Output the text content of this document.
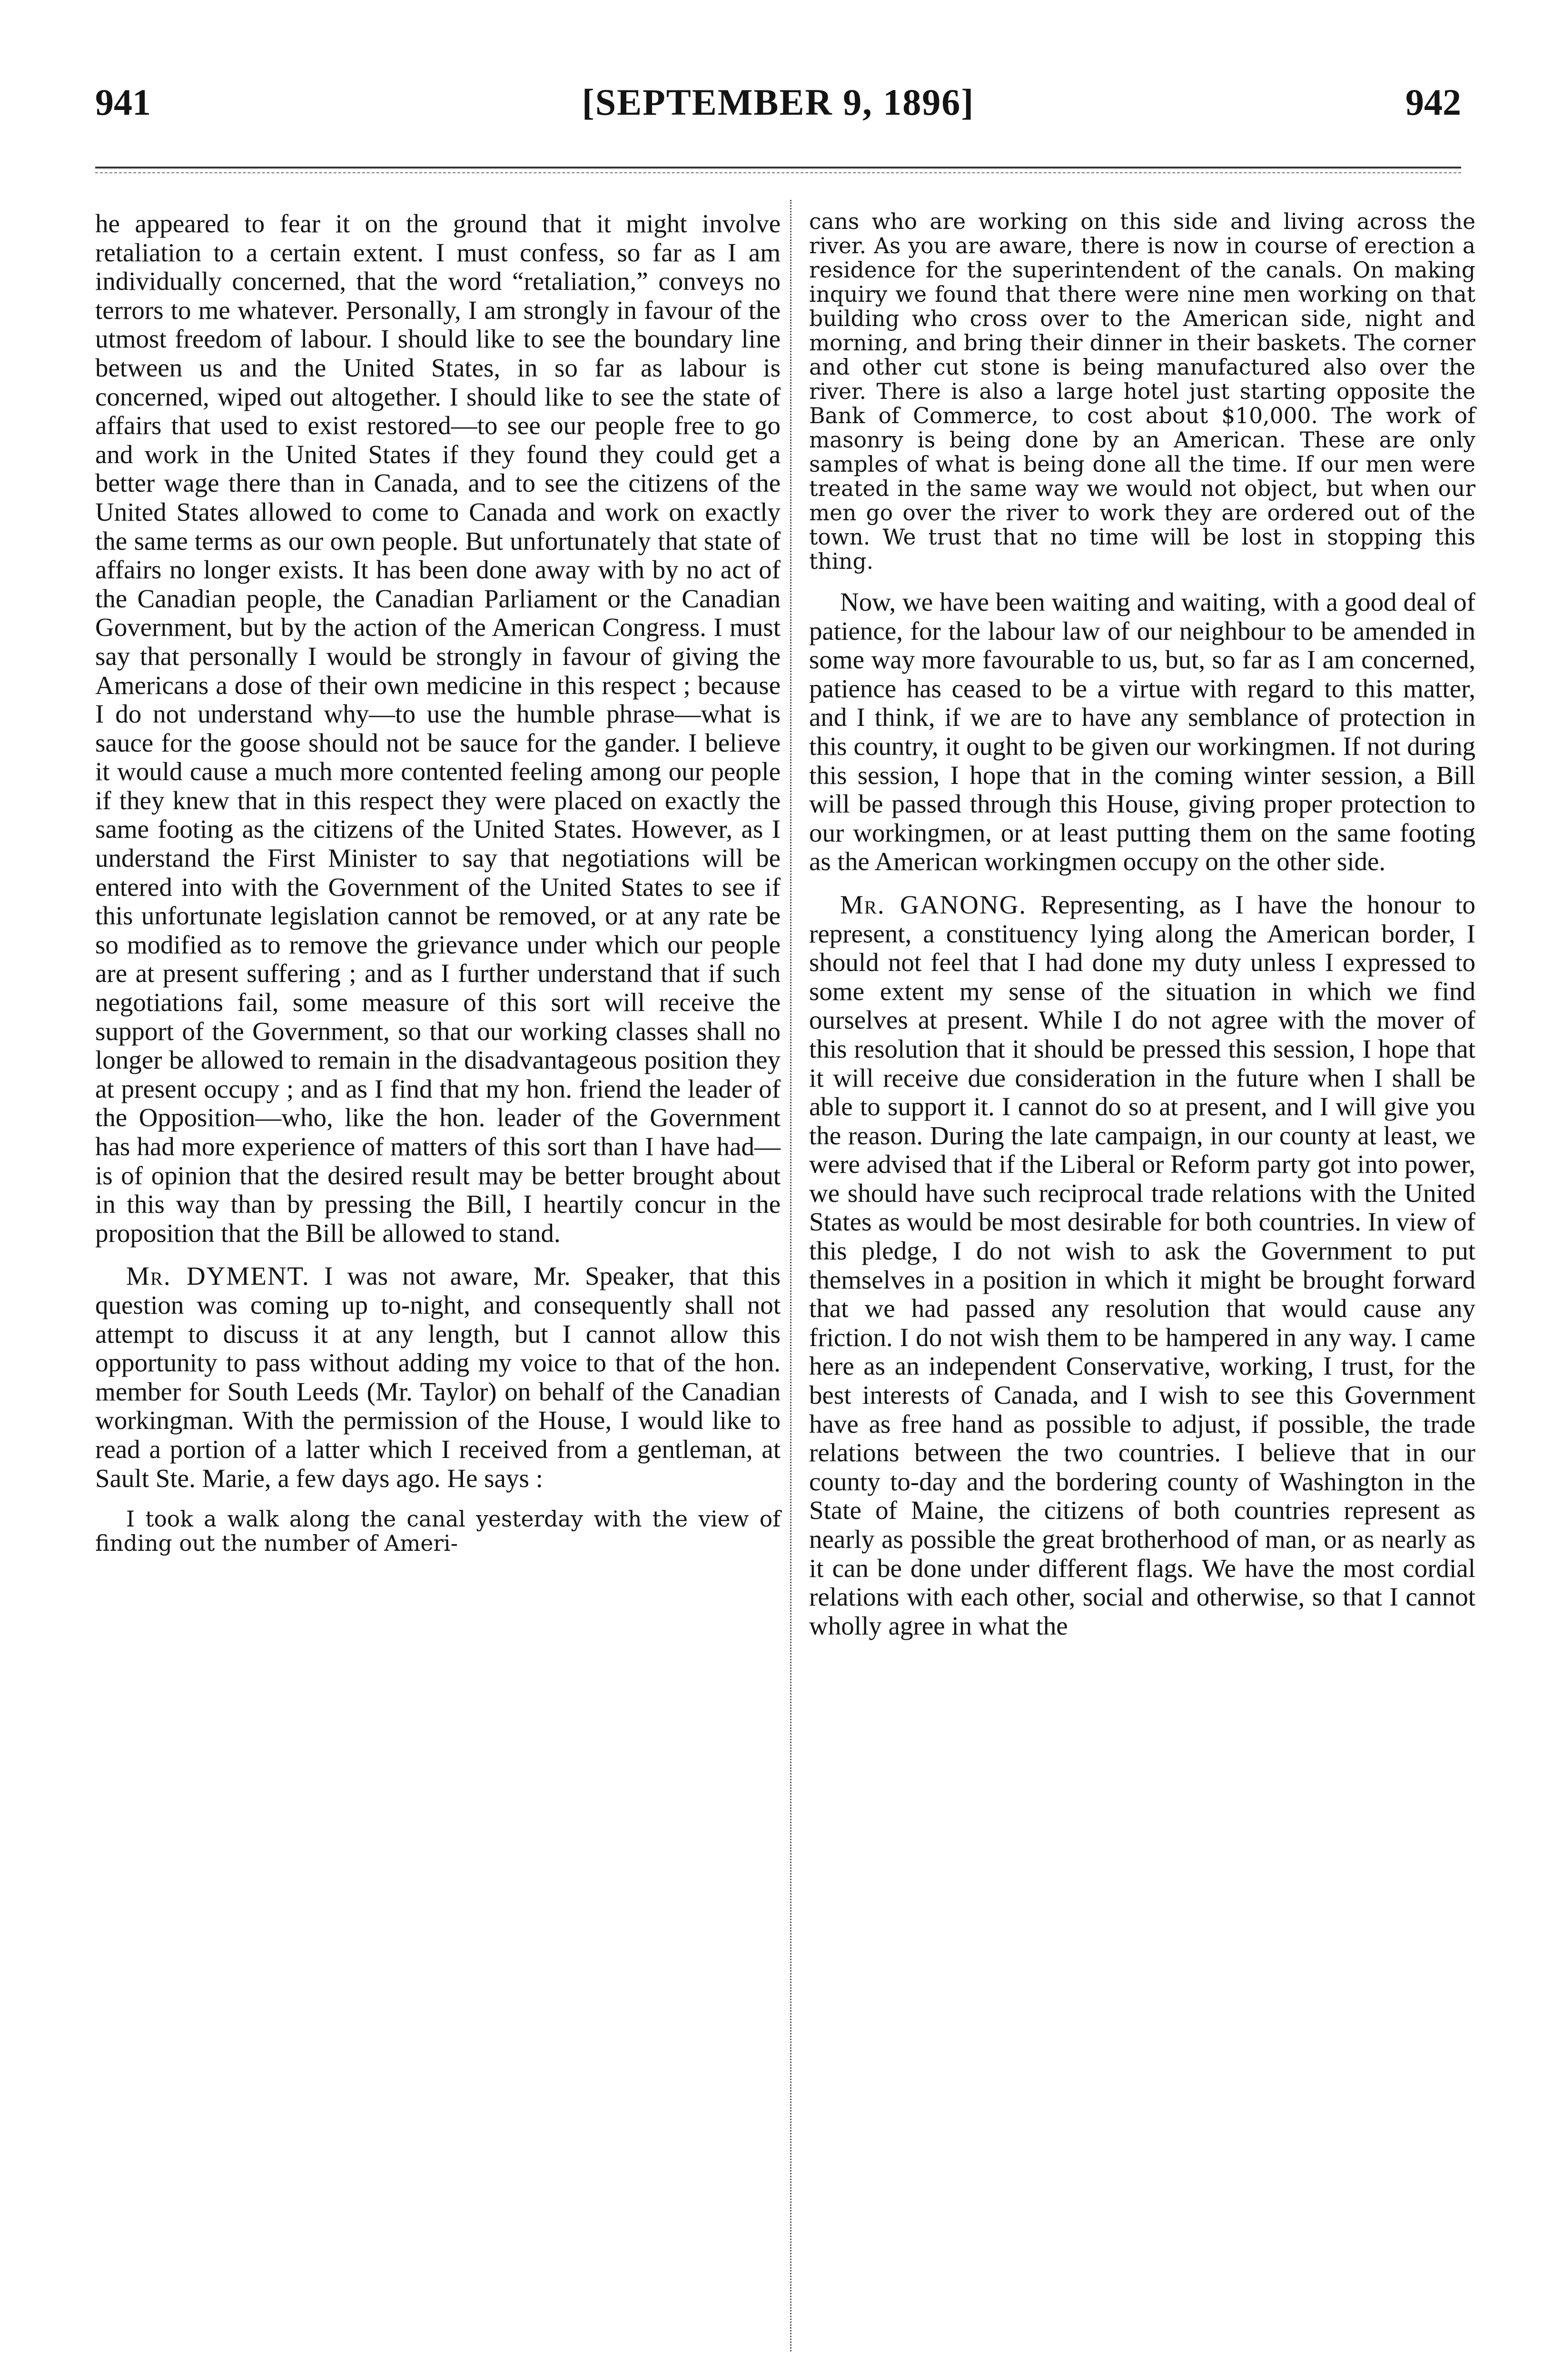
941	[SEPTEMBER 9, 1896]	942

he appeared to fear it on the ground that it might involve retaliation to a certain extent. I must confess, so far as I am individually concerned, that the word “retaliation,” conveys no terrors to me whatever. Personally, I am strongly in favour of the utmost freedom of labour. I should like to see the boundary line between us and the United States, in so far as labour is concerned, wiped out altogether. I should like to see the state of affairs that used to exist restored—to see our people free to go and work in the United States if they found they could get a better wage there than in Canada, and to see the citizens of the United States allowed to come to Canada and work on exactly the same terms as our own people. But unfortunately that state of affairs no longer exists. It has been done away with by no act of the Canadian people, the Canadian Parliament or the Canadian Government, but by the action of the American Congress. I must say that personally I would be strongly in favour of giving the Americans a dose of their own medicine in this respect ; because I do not understand why—to use the humble phrase—what is sauce for the goose should not be sauce for the gander. I believe it would cause a much more contented feeling among our people if they knew that in this respect they were placed on exactly the same footing as the citizens of the United States. However, as I understand the First Minister to say that negotiations will be entered into with the Government of the United States to see if this unfortunate legislation cannot be removed, or at any rate be so modified as to remove the grievance under which our people are at present suffering ; and as I further understand that if such negotiations fail, some measure of this sort will receive the support of the Government, so that our working classes shall no longer be allowed to remain in the disadvantageous position they at present occupy ; and as I find that my hon. friend the leader of the Opposition—who, like the hon. leader of the Government has had more experience of matters of this sort than I have had—is of opinion that the desired result may be better brought about in this way than by pressing the Bill, I heartily concur in the proposition that the Bill be allowed to stand.

Mr. DYMENT. I was not aware, Mr. Speaker, that this question was coming up to-night, and consequently shall not attempt to discuss it at any length, but I cannot allow this opportunity to pass without adding my voice to that of the hon. member for South Leeds (Mr. Taylor) on behalf of the Canadian workingman. With the permission of the House, I would like to read a portion of a latter which I received from a gentleman, at Sault Ste. Marie, a few days ago. He says :

I took a walk along the canal yesterday with the view of finding out the number of Ameri-

cans who are working on this side and living across the river. As you are aware, there is now in course of erection a residence for the superintendent of the canals. On making inquiry we found that there were nine men working on that building who cross over to the American side, night and morning, and bring their dinner in their baskets. The corner and other cut stone is being manufactured also over the river. There is also a large hotel just starting opposite the Bank of Commerce, to cost about $10,000. The work of masonry is being done by an American. These are only samples of what is being done all the time. If our men were treated in the same way we would not object, but when our men go over the river to work they are ordered out of the town. We trust that no time will be lost in stopping this thing.

Now, we have been waiting and waiting, with a good deal of patience, for the labour law of our neighbour to be amended in some way more favourable to us, but, so far as I am concerned, patience has ceased to be a virtue with regard to this matter, and I think, if we are to have any semblance of protection in this country, it ought to be given our workingmen. If not during this session, I hope that in the coming winter session, a Bill will be passed through this House, giving proper protection to our workingmen, or at least putting them on the same footing as the American workingmen occupy on the other side.

Mr. GANONG. Representing, as I have the honour to represent, a constituency lying along the American border, I should not feel that I had done my duty unless I expressed to some extent my sense of the situation in which we find ourselves at present. While I do not agree with the mover of this resolution that it should be pressed this session, I hope that it will receive due consideration in the future when I shall be able to support it. I cannot do so at present, and I will give you the reason. During the late campaign, in our county at least, we were advised that if the Liberal or Reform party got into power, we should have such reciprocal trade relations with the United States as would be most desirable for both countries. In view of this pledge, I do not wish to ask the Government to put themselves in a position in which it might be brought forward that we had passed any resolution that would cause any friction. I do not wish them to be hampered in any way. I came here as an independent Conservative, working, I trust, for the best interests of Canada, and I wish to see this Government have as free hand as possible to adjust, if possible, the trade relations between the two countries. I believe that in our county to-day and the bordering county of Washington in the State of Maine, the citizens of both countries represent as nearly as possible the great brotherhood of man, or as nearly as it can be done under different flags. We have the most cordial relations with each other, social and otherwise, so that I cannot wholly agree in what the
